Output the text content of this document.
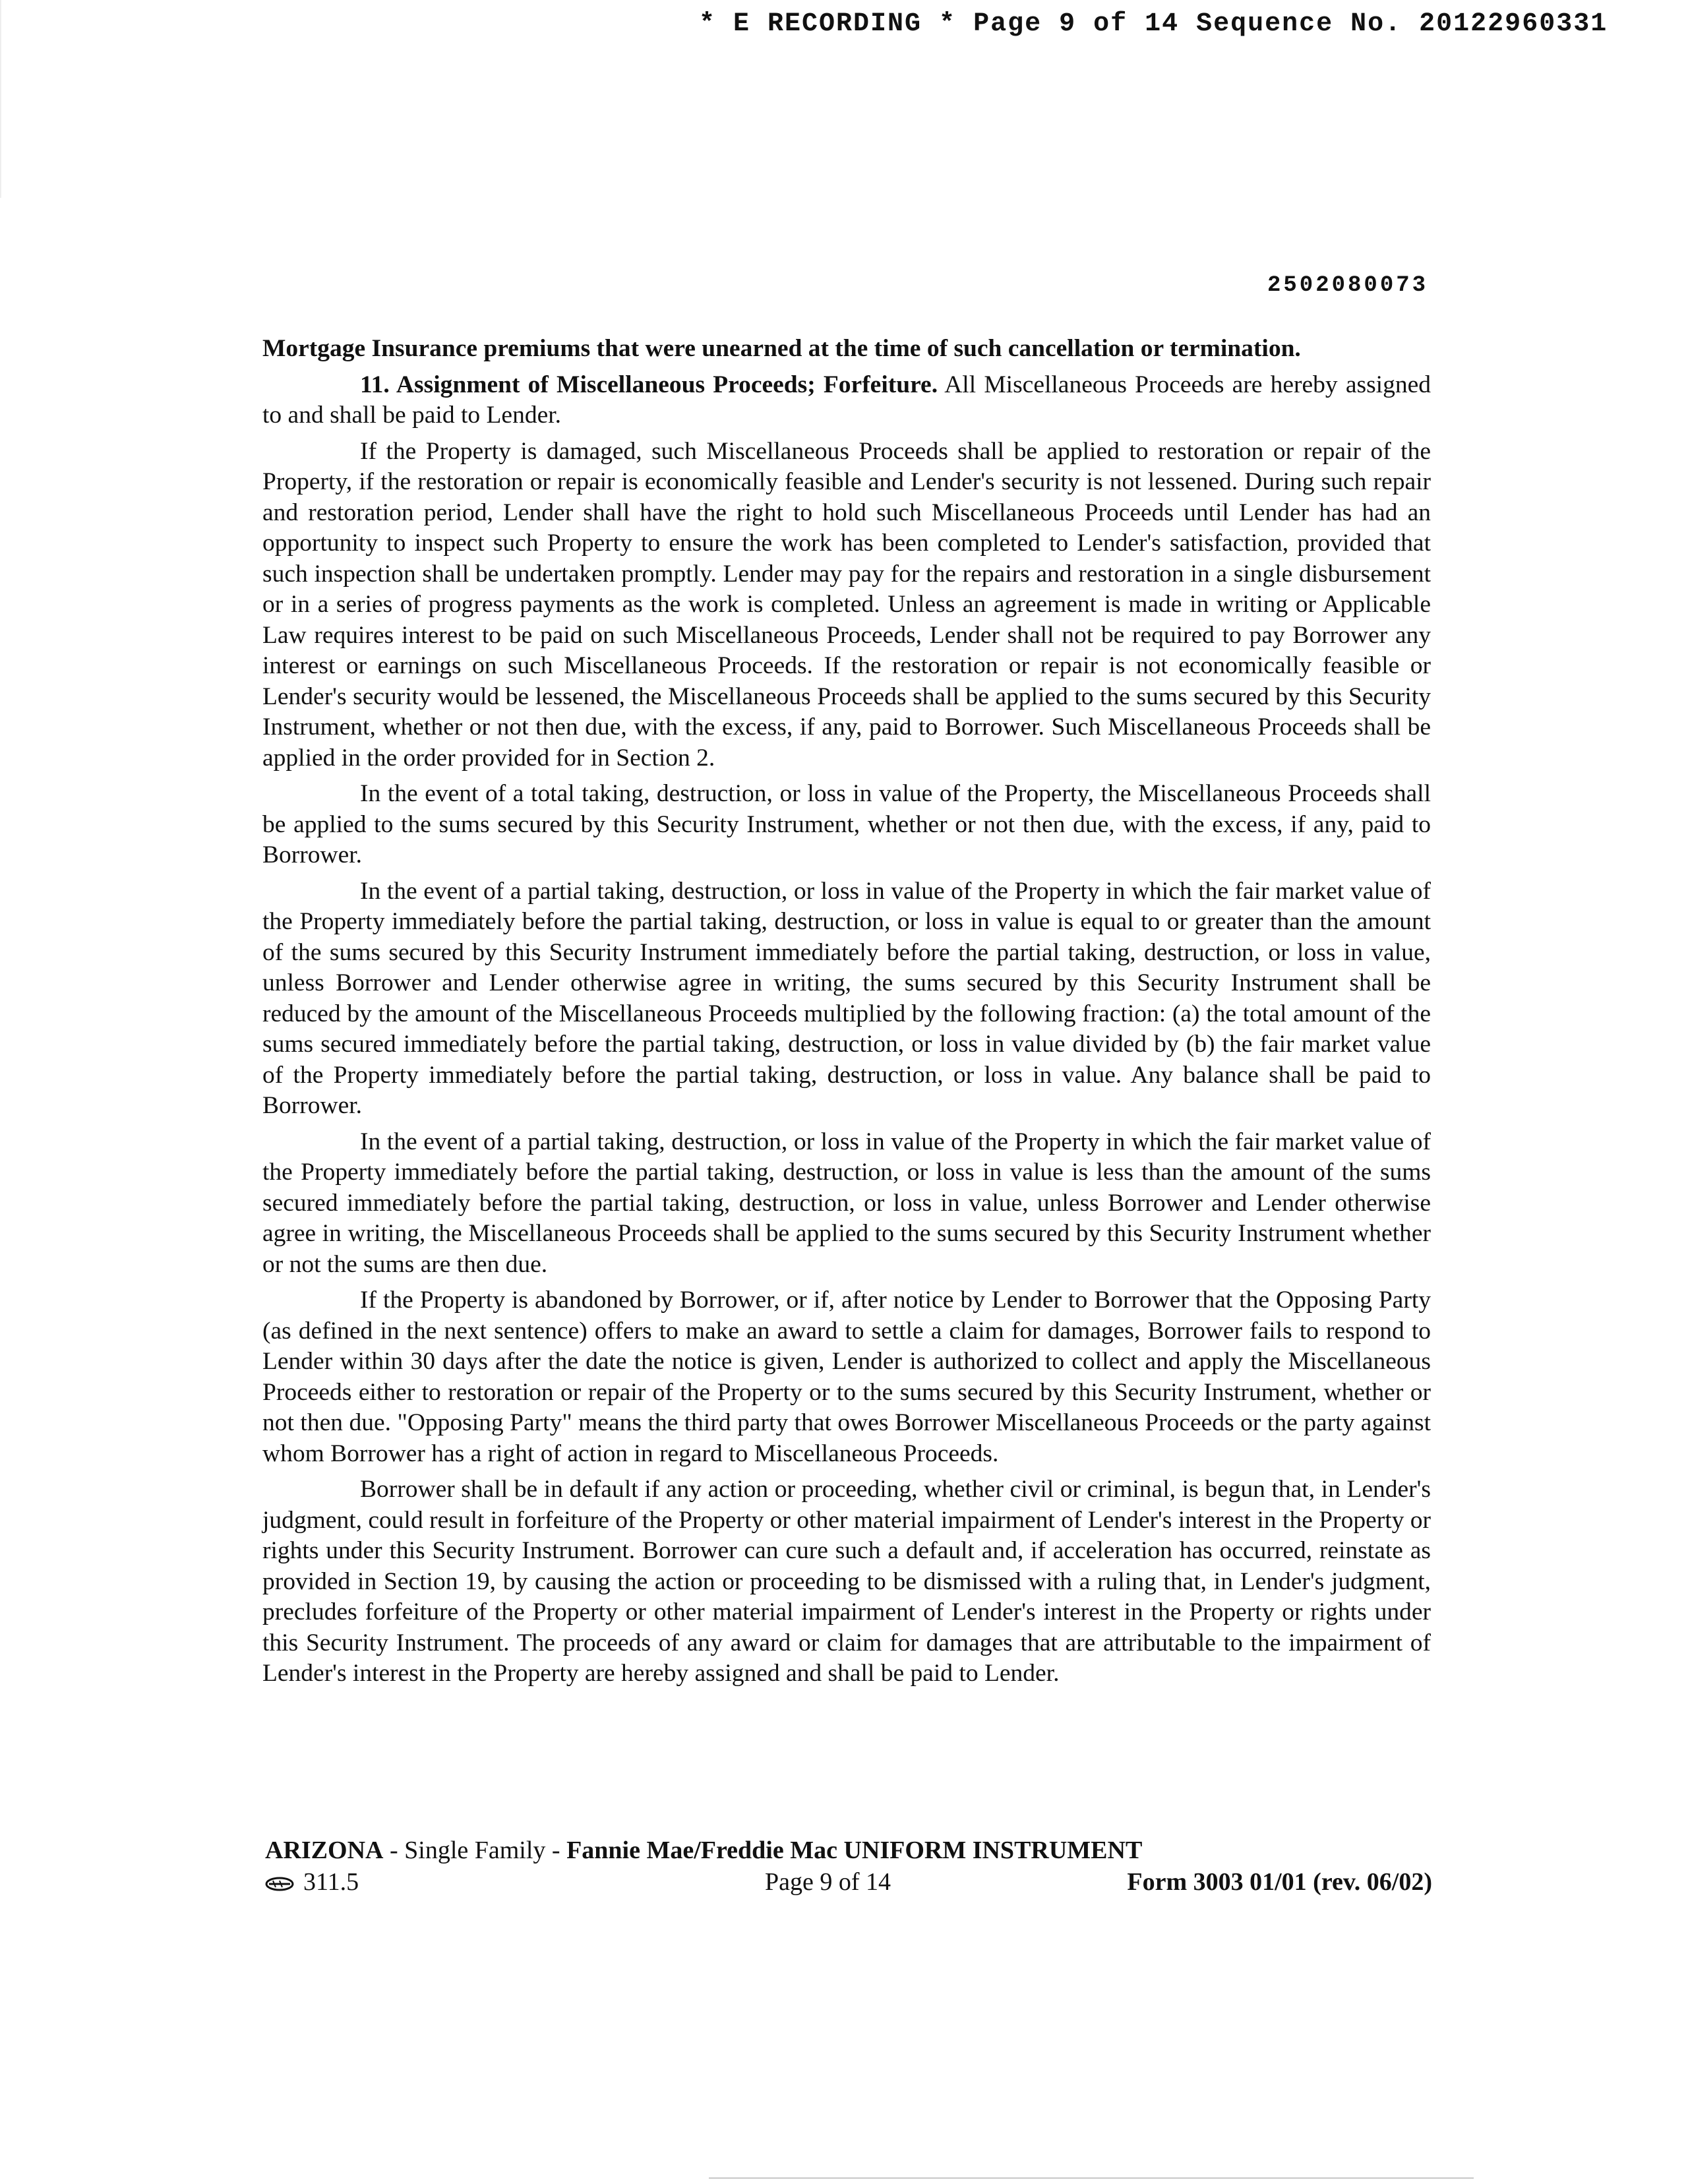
* E RECORDING * Page 9 of 14 Sequence No. 20122960331
2502080073

Mortgage Insurance premiums that were unearned at the time of such cancellation or termination.

11. Assignment of Miscellaneous Proceeds; Forfeiture. All Miscellaneous Proceeds are hereby assigned to and shall be paid to Lender.

If the Property is damaged, such Miscellaneous Proceeds shall be applied to restoration or repair of the Property, if the restoration or repair is economically feasible and Lender's security is not lessened. During such repair and restoration period, Lender shall have the right to hold such Miscellaneous Proceeds until Lender has had an opportunity to inspect such Property to ensure the work has been completed to Lender's satisfaction, provided that such inspection shall be undertaken promptly. Lender may pay for the repairs and restoration in a single disbursement or in a series of progress payments as the work is completed. Unless an agreement is made in writing or Applicable Law requires interest to be paid on such Miscellaneous Proceeds, Lender shall not be required to pay Borrower any interest or earnings on such Miscellaneous Proceeds. If the restoration or repair is not economically feasible or Lender's security would be lessened, the Miscellaneous Proceeds shall be applied to the sums secured by this Security Instrument, whether or not then due, with the excess, if any, paid to Borrower. Such Miscellaneous Proceeds shall be applied in the order provided for in Section 2.

In the event of a total taking, destruction, or loss in value of the Property, the Miscellaneous Proceeds shall be applied to the sums secured by this Security Instrument, whether or not then due, with the excess, if any, paid to Borrower.

In the event of a partial taking, destruction, or loss in value of the Property in which the fair market value of the Property immediately before the partial taking, destruction, or loss in value is equal to or greater than the amount of the sums secured by this Security Instrument immediately before the partial taking, destruction, or loss in value, unless Borrower and Lender otherwise agree in writing, the sums secured by this Security Instrument shall be reduced by the amount of the Miscellaneous Proceeds multiplied by the following fraction: (a) the total amount of the sums secured immediately before the partial taking, destruction, or loss in value divided by (b) the fair market value of the Property immediately before the partial taking, destruction, or loss in value. Any balance shall be paid to Borrower.

In the event of a partial taking, destruction, or loss in value of the Property in which the fair market value of the Property immediately before the partial taking, destruction, or loss in value is less than the amount of the sums secured immediately before the partial taking, destruction, or loss in value, unless Borrower and Lender otherwise agree in writing, the Miscellaneous Proceeds shall be applied to the sums secured by this Security Instrument whether or not the sums are then due.

If the Property is abandoned by Borrower, or if, after notice by Lender to Borrower that the Opposing Party (as defined in the next sentence) offers to make an award to settle a claim for damages, Borrower fails to respond to Lender within 30 days after the date the notice is given, Lender is authorized to collect and apply the Miscellaneous Proceeds either to restoration or repair of the Property or to the sums secured by this Security Instrument, whether or not then due. "Opposing Party" means the third party that owes Borrower Miscellaneous Proceeds or the party against whom Borrower has a right of action in regard to Miscellaneous Proceeds.

Borrower shall be in default if any action or proceeding, whether civil or criminal, is begun that, in Lender's judgment, could result in forfeiture of the Property or other material impairment of Lender's interest in the Property or rights under this Security Instrument. Borrower can cure such a default and, if acceleration has occurred, reinstate as provided in Section 19, by causing the action or proceeding to be dismissed with a ruling that, in Lender's judgment, precludes forfeiture of the Property or other material impairment of Lender's interest in the Property or rights under this Security Instrument. The proceeds of any award or claim for damages that are attributable to the impairment of Lender's interest in the Property are hereby assigned and shall be paid to Lender.

ARIZONA - Single Family - Fannie Mae/Freddie Mac UNIFORM INSTRUMENT
311.5	Page 9 of 14	Form 3003 01/01 (rev. 06/02)
